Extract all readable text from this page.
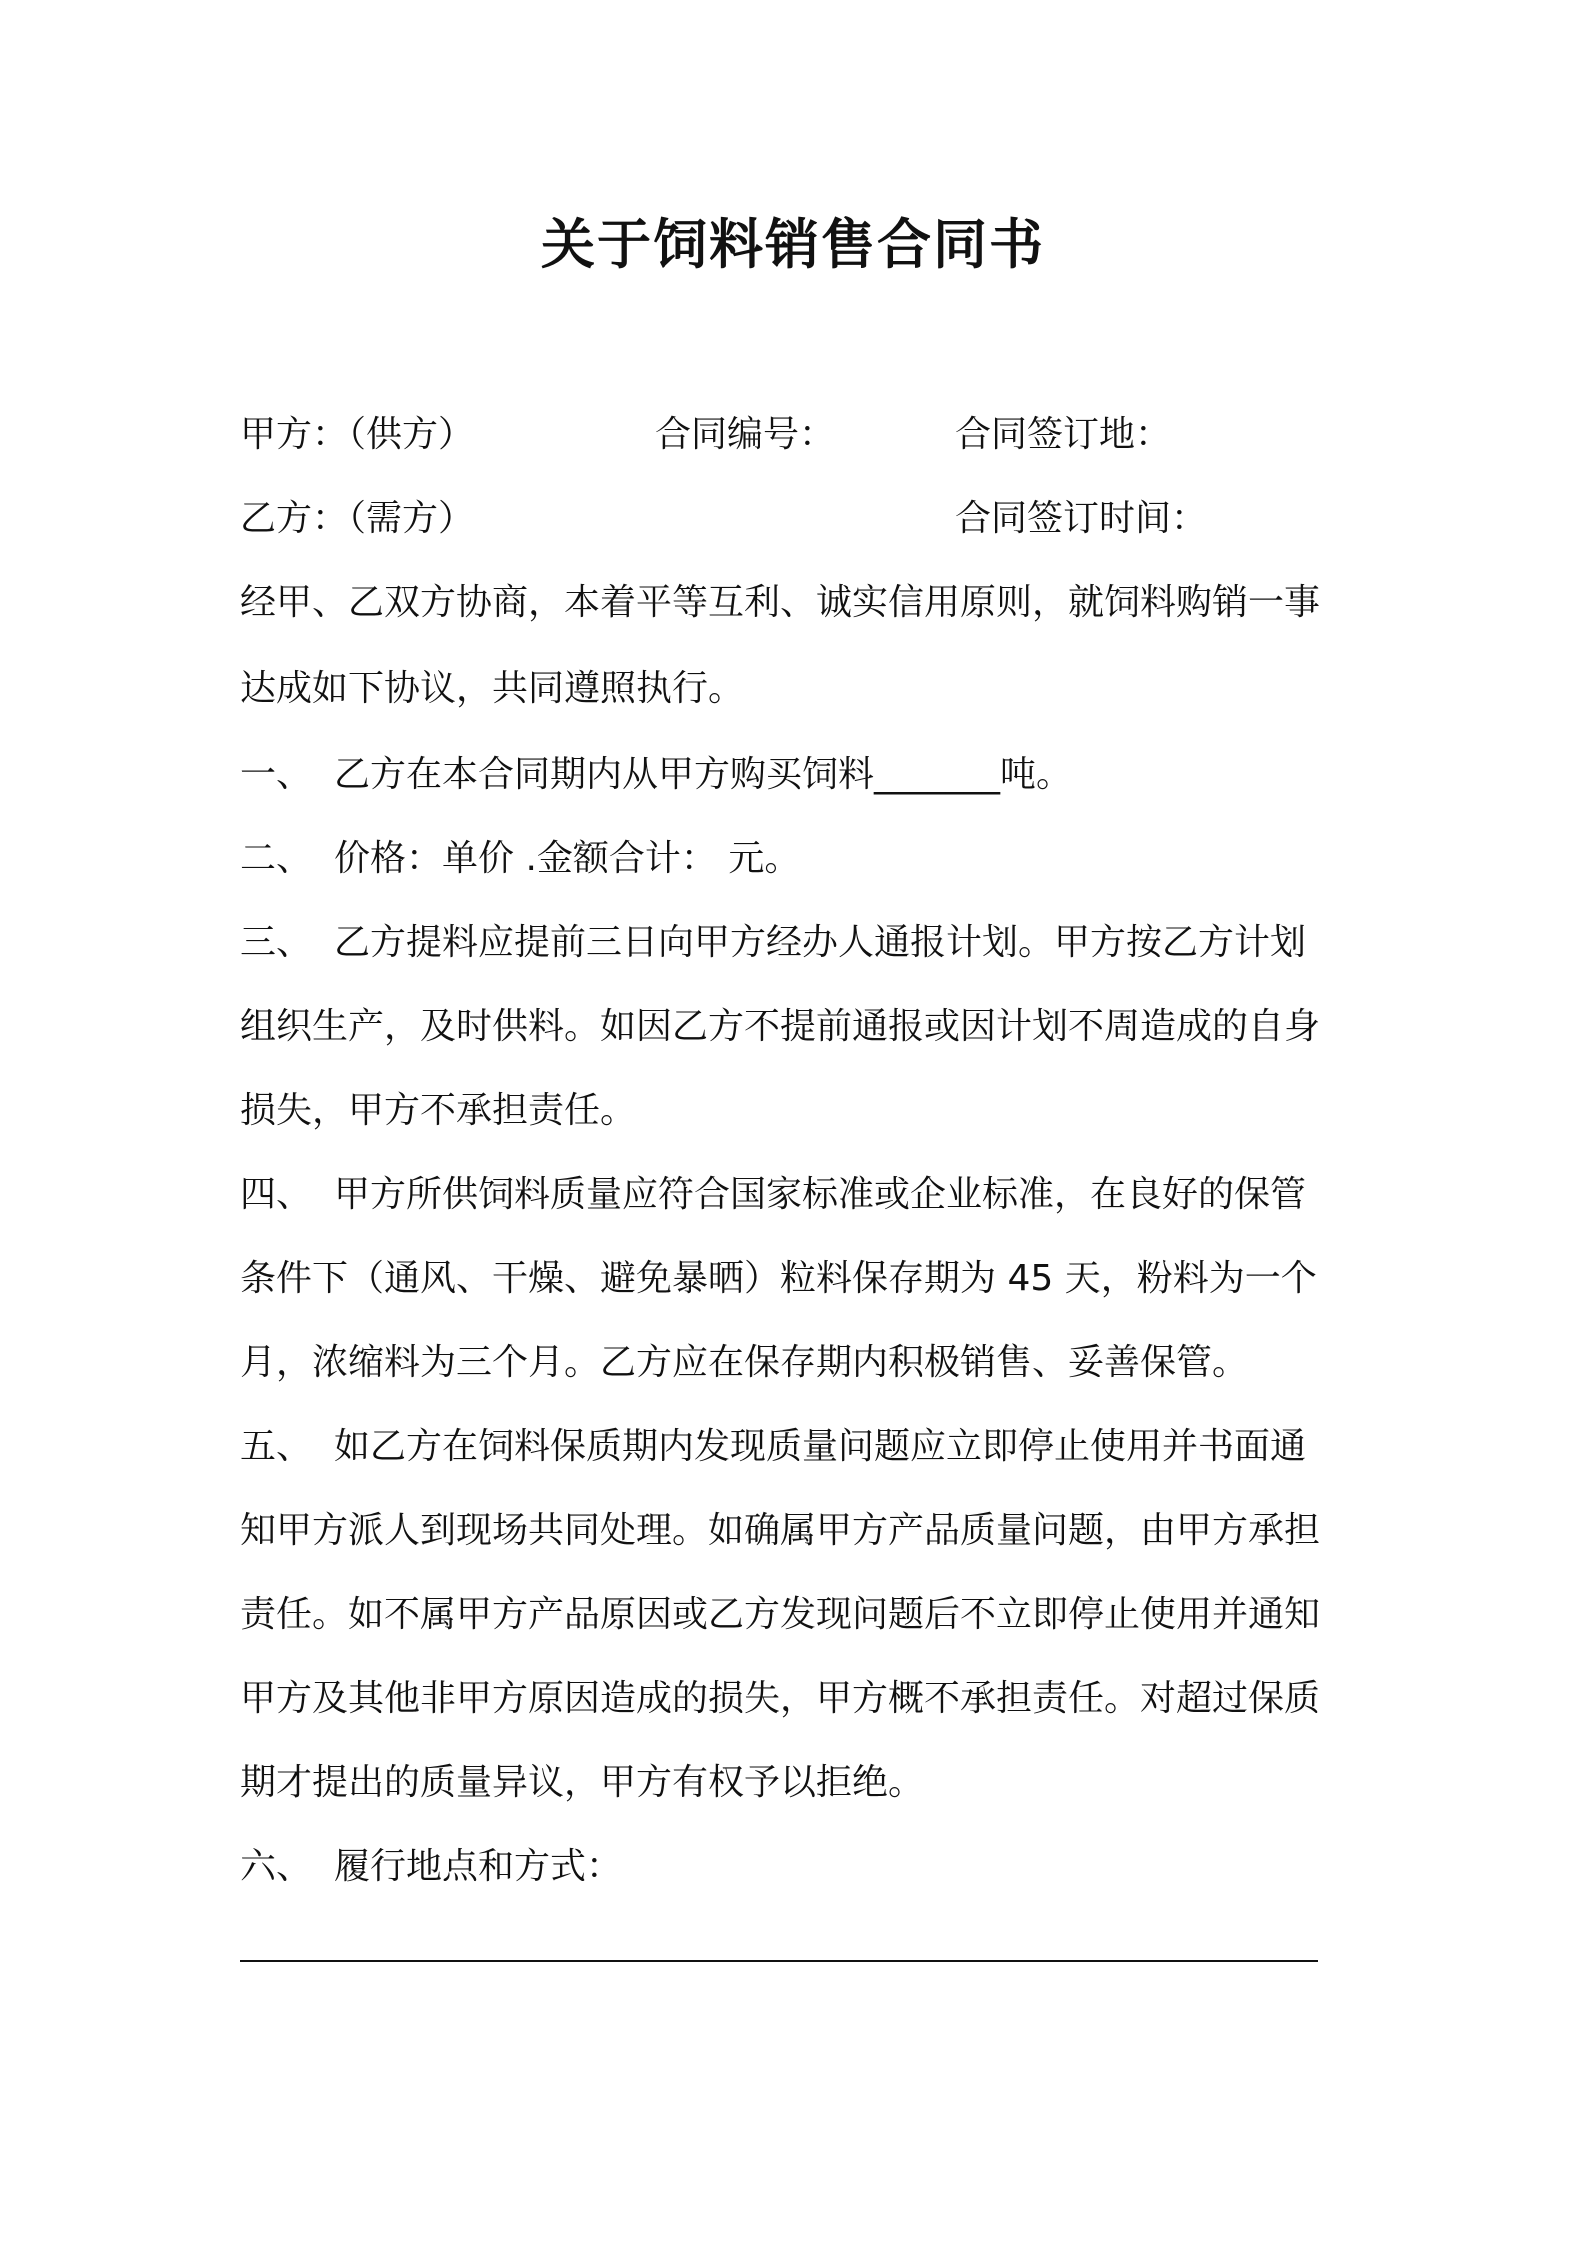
关于饲料销售合同书
甲方：（供方）	合同编号：	合同签订地：
乙方：（需方）	合同签订时间：
经甲、乙双方协商，本着平等互利、诚实信用原则，就饲料购销一事
达成如下协议，共同遵照执行。
一、 乙方在本合同期内从甲方购买饲料_______吨。
二、 价格：单价 .金额合计： 元。
三、 乙方提料应提前三日向甲方经办人通报计划。甲方按乙方计划
组织生产，及时供料。如因乙方不提前通报或因计划不周造成的自身
损失，甲方不承担责任。
四、 甲方所供饲料质量应符合国家标准或企业标准，在良好的保管
条件下（通风、干燥、避免暴晒）粒料保存期为 45 天，粉料为一个
月，浓缩料为三个月。乙方应在保存期内积极销售、妥善保管。
五、 如乙方在饲料保质期内发现质量问题应立即停止使用并书面通
知甲方派人到现场共同处理。如确属甲方产品质量问题，由甲方承担
责任。如不属甲方产品原因或乙方发现问题后不立即停止使用并通知
甲方及其他非甲方原因造成的损失，甲方概不承担责任。对超过保质
期才提出的质量异议，甲方有权予以拒绝。
六、 履行地点和方式：
